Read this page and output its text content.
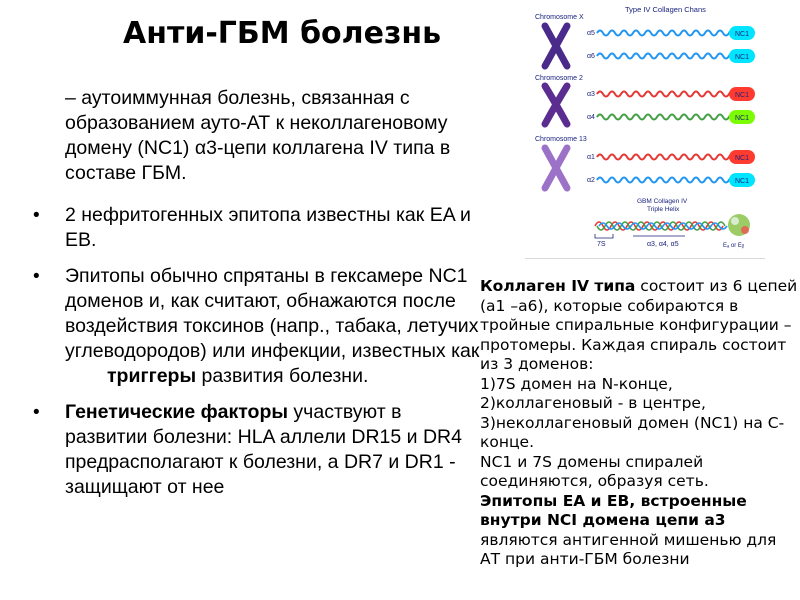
Анти-ГБМ болезнь
– аутоиммунная болезнь, связанная с образованием ауто-АТ к неколлагеновому домену (NC1) α3-цепи коллагена IV типа в составе ГБМ.
• 2 нефритогенных эпитопа известны как EA и EB.
• Эпитопы обычно спрятаны в гексамере NC1 доменов и, как считают, обнажаются после воздействия токсинов (напр., табака, летучих углеводородов) или инфекции, известных кактриггеры развития болезни.
• Генетические факторы участвуют в развитии болезни: HLA аллели DR15 и DR4 предрасполагают к болезни, а DR7 и DR1 - защищают от нее
Type IV Collagen Chans
Chromosome X
Chromosome 2
Chromosome 13
α5
α6
α3
α4
α1
α2
NC1
NC1
NC1
NC1
NC1
NC1
GBM Collagen IV
Triple Helix
7S	α3, α4, α5	Eₐ or Eᵦ
Коллаген IV типа состоит из 6 цепей (a1 –a6), которые собираются в тройные спиральные конфигурации – протомеры. Каждая спираль состоит из 3 доменов:
1)7S домен на N-конце,
2)коллагеновый - в центре,
3)неколлагеновый домен (NC1) на С-конце.
NC1 и 7S домены спиралей соединяются, образуя сеть.
Эпитопы EA и EB, встроенные внутри NCI домена цепи а3 являются антигенной мишенью для АТ при анти-ГБМ болезни
